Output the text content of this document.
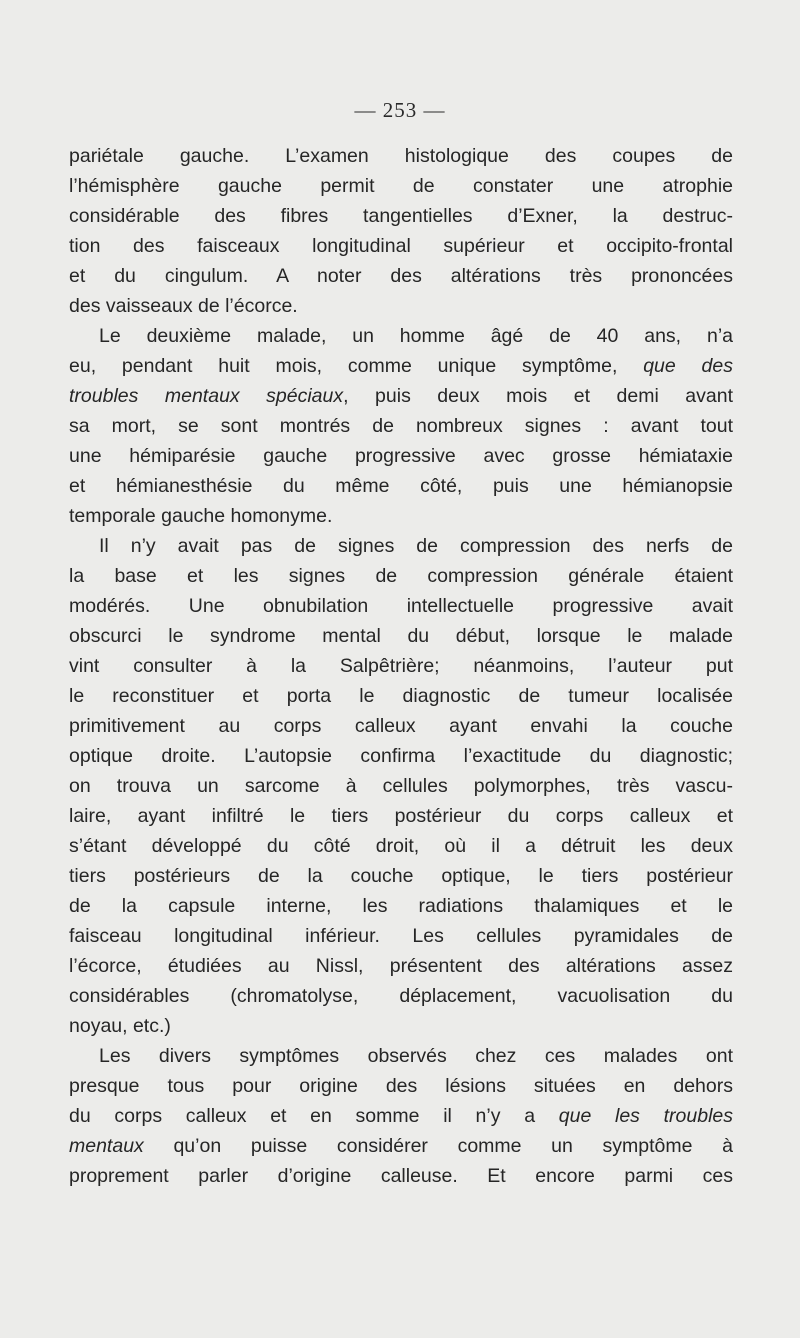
— 253 —
pariétale gauche. L’examen histologique des coupes de
l’hémisphère gauche permit de constater une atrophie
considérable des fibres tangentielles d’Exner, la destruc-
tion des faisceaux longitudinal supérieur et occipito-frontal
et du cingulum. A noter des altérations très prononcées
des vaisseaux de l’écorce.
Le deuxième malade, un homme âgé de 40 ans, n’a
eu, pendant huit mois, comme unique symptôme, que des
troubles mentaux spéciaux, puis deux mois et demi avant
sa mort, se sont montrés de nombreux signes : avant tout
une hémiparésie gauche progressive avec grosse hémiataxie
et hémianesthésie du même côté, puis une hémianopsie
temporale gauche homonyme.
Il n’y avait pas de signes de compression des nerfs de
la base et les signes de compression générale étaient
modérés. Une obnubilation intellectuelle progressive avait
obscurci le syndrome mental du début, lorsque le malade
vint consulter à la Salpêtrière; néanmoins, l’auteur put
le reconstituer et porta le diagnostic de tumeur localisée
primitivement au corps calleux ayant envahi la couche
optique droite. L’autopsie confirma l’exactitude du diagnostic;
on trouva un sarcome à cellules polymorphes, très vascu-
laire, ayant infiltré le tiers postérieur du corps calleux et
s’étant développé du côté droit, où il a détruit les deux
tiers postérieurs de la couche optique, le tiers postérieur
de la capsule interne, les radiations thalamiques et le
faisceau longitudinal inférieur. Les cellules pyramidales de
l’écorce, étudiées au Nissl, présentent des altérations assez
considérables (chromatolyse, déplacement, vacuolisation du
noyau, etc.)
Les divers symptômes observés chez ces malades ont
presque tous pour origine des lésions situées en dehors
du corps calleux et en somme il n’y a que les troubles
mentaux qu’on puisse considérer comme un symptôme à
proprement parler d’origine calleuse. Et encore parmi ces
